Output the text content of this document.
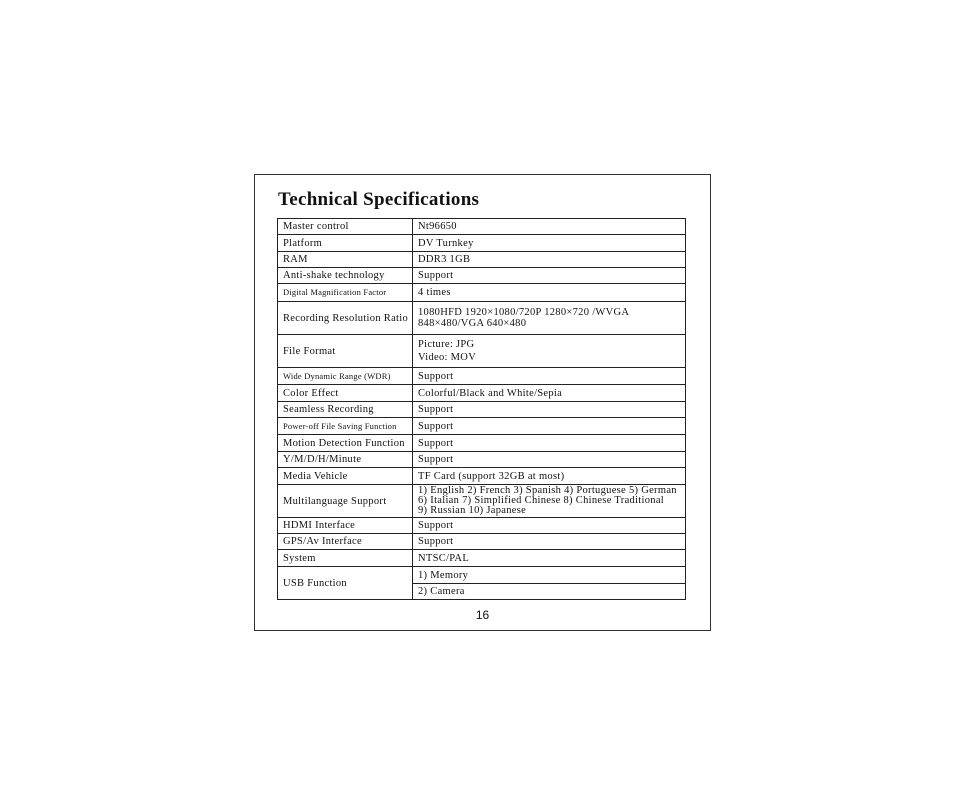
Technical Specifications
Master control	Nt96650
Platform	DV Turnkey
RAM	DDR3 1GB
Anti-shake technology	Support
Digital Magnification Factor	4 times
Recording Resolution Ratio	1080HFD 1920×1080/720P 1280×720 /WVGA
848×480/VGA 640×480

File Format	Picture: JPG
Video: MOV

Wide Dynamic Range (WDR)	Support
Color Effect	Colorful/Black and White/Sepia
Seamless Recording	Support
Power-off File Saving Function	Support
Motion Detection Function	Support
Y/M/D/H/Minute	Support
Media Vehicle	TF Card (support 32GB at most)
Multilanguage Support	1) English 2) French 3) Spanish 4) Portuguese 5) German
6) Italian 7) Simplified Chinese 8) Chinese Traditional
9) Russian 10) Japanese

HDMI Interface	Support
GPS/Av Interface	Support
System	NTSC/PAL
USB Function	1) Memory
	2) Camera
16
